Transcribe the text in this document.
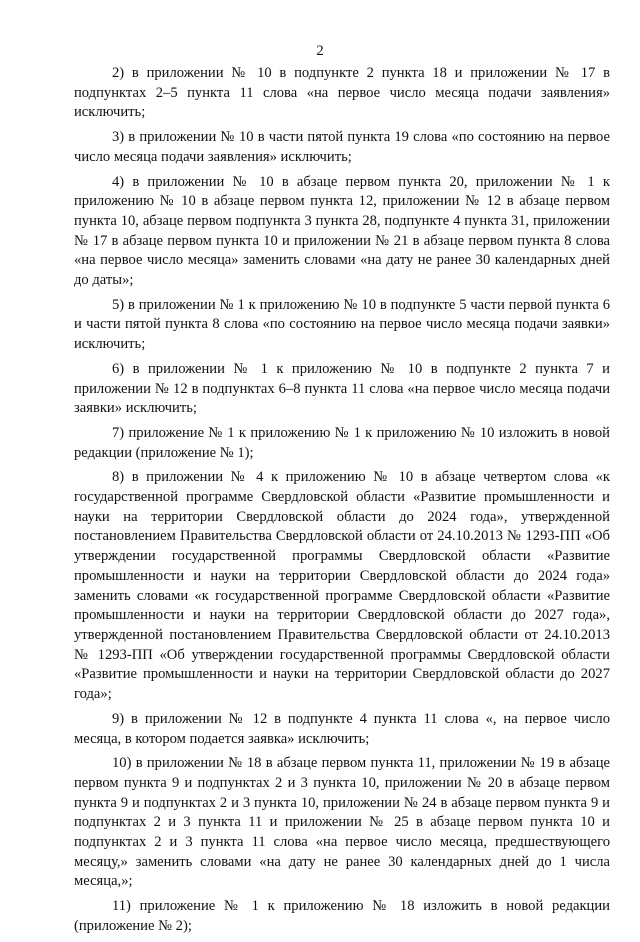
2

2) в приложении № 10 в подпункте 2 пункта 18 и приложении № 17 в подпунктах 2–5 пункта 11 слова «на первое число месяца подачи заявления» исключить;

3) в приложении № 10 в части пятой пункта 19 слова «по состоянию на первое число месяца подачи заявления» исключить;

4) в приложении № 10 в абзаце первом пункта 20, приложении № 1 к приложению № 10 в абзаце первом пункта 12, приложении № 12 в абзаце первом пункта 10, абзаце первом подпункта 3 пункта 28, подпункте 4 пункта 31, приложении № 17 в абзаце первом пункта 10 и приложении № 21 в абзаце первом пункта 8 слова «на первое число месяца» заменить словами «на дату не ранее 30 календарных дней до даты»;

5) в приложении № 1 к приложению № 10 в подпункте 5 части первой пункта 6 и части пятой пункта 8 слова «по состоянию на первое число месяца подачи заявки» исключить;

6) в приложении № 1 к приложению № 10 в подпункте 2 пункта 7 и приложении № 12 в подпунктах 6–8 пункта 11 слова «на первое число месяца подачи заявки» исключить;

7) приложение № 1 к приложению № 1 к приложению № 10 изложить в новой редакции (приложение № 1);

8) в приложении № 4 к приложению № 10 в абзаце четвертом слова «к государственной программе Свердловской области «Развитие промышленности и науки на территории Свердловской области до 2024 года», утвержденной постановлением Правительства Свердловской области от 24.10.2013 № 1293-ПП «Об утверждении государственной программы Свердловской области «Развитие промышленности и науки на территории Свердловской области до 2024 года» заменить словами «к государственной программе Свердловской области «Развитие промышленности и науки на территории Свердловской области до 2027 года», утвержденной постановлением Правительства Свердловской области от 24.10.2013 № 1293-ПП «Об утверждении государственной программы Свердловской области «Развитие промышленности и науки на территории Свердловской области до 2027 года»;

9) в приложении № 12 в подпункте 4 пункта 11 слова «, на первое число месяца, в котором подается заявка» исключить;

10) в приложении № 18 в абзаце первом пункта 11, приложении № 19 в абзаце первом пункта 9 и подпунктах 2 и 3 пункта 10, приложении № 20 в абзаце первом пункта 9 и подпунктах 2 и 3 пункта 10, приложении № 24 в абзаце первом пункта 9 и подпунктах 2 и 3 пункта 11 и приложении № 25 в абзаце первом пункта 10 и подпунктах 2 и 3 пункта 11 слова «на первое число месяца, предшествующего месяцу,» заменить словами «на дату не ранее 30 календарных дней до 1 числа месяца,»;

11) приложение № 1 к приложению № 18 изложить в новой редакции (приложение № 2);
